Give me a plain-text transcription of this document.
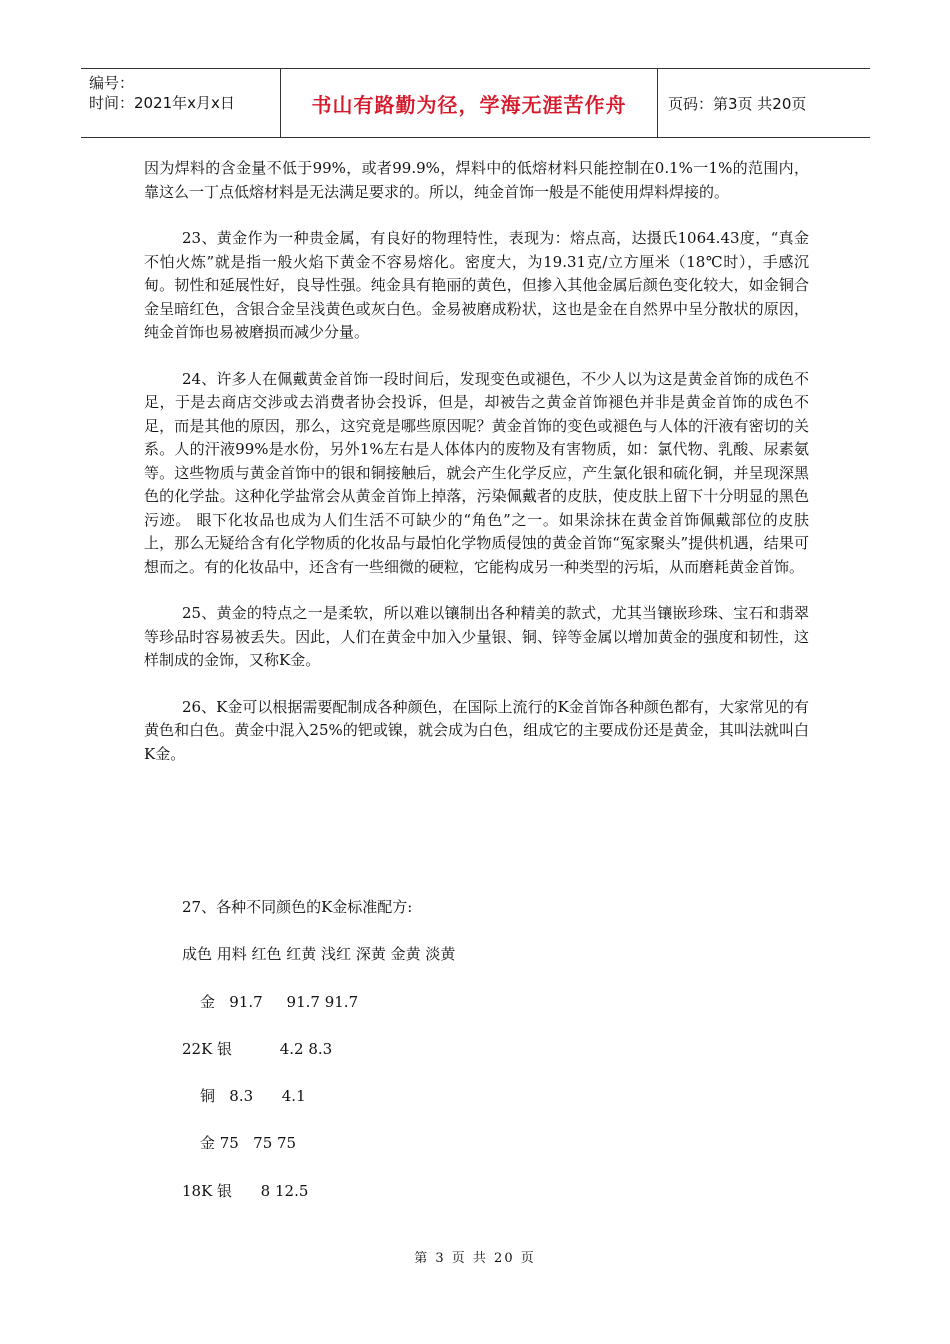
编号：
时间：2021年x月x日	书山有路勤为径，学海无涯苦作舟	页码：第3页 共20页

因为焊料的含金量不低于99%，或者99.9%，焊料中的低熔材料只能控制在0.1%一1%的范围内，靠这么一丁点低熔材料是无法满足要求的。所以，纯金首饰一般是不能使用焊料焊接的。

23、黄金作为一种贵金属，有良好的物理特性，表现为：熔点高，达摄氏1064.43度，“真金不怕火炼”就是指一般火焰下黄金不容易熔化。密度大，为19.31克/立方厘米（18℃时），手感沉甸。韧性和延展性好，良导性强。纯金具有艳丽的黄色，但掺入其他金属后颜色变化较大，如金铜合金呈暗红色，含银合金呈浅黄色或灰白色。金易被磨成粉状，这也是金在自然界中呈分散状的原因，纯金首饰也易被磨损而减少分量。

24、许多人在佩戴黄金首饰一段时间后，发现变色或褪色，不少人以为这是黄金首饰的成色不足，于是去商店交涉或去消费者协会投诉，但是，却被告之黄金首饰褪色并非是黄金首饰的成色不足，而是其他的原因，那么，这究竟是哪些原因呢？黄金首饰的变色或褪色与人体的汗液有密切的关系。人的汗液99%是水份，另外1%左右是人体体内的废物及有害物质，如：氯代物、乳酸、尿素氨等。这些物质与黄金首饰中的银和铜接触后，就会产生化学反应，产生氯化银和硫化铜，并呈现深黑色的化学盐。这种化学盐常会从黄金首饰上掉落，污染佩戴者的皮肤，使皮肤上留下十分明显的黑色污迹。 眼下化妆品也成为人们生活不可缺少的“角色”之一。如果涂抹在黄金首饰佩戴部位的皮肤上，那么无疑给含有化学物质的化妆品与最怕化学物质侵蚀的黄金首饰“冤家聚头”提供机遇，结果可想而之。有的化妆品中，还含有一些细微的硬粒，它能构成另一种类型的污垢，从而磨耗黄金首饰。

25、黄金的特点之一是柔软，所以难以镶制出各种精美的款式，尤其当镶嵌珍珠、宝石和翡翠等珍品时容易被丢失。因此，人们在黄金中加入少量银、铜、锌等金属以增加黄金的强度和韧性，这样制成的金饰，又称K金。

26、K金可以根据需要配制成各种颜色，在国际上流行的K金首饰各种颜色都有，大家常见的有黄色和白色。黄金中混入25%的钯或镍，就会成为白色，组成它的主要成份还是黄金，其叫法就叫白K金。

27、各种不同颜色的K金标准配方:
成色 用料 红色 红黄 浅红 深黄 金黄 淡黄
金   91.7     91.7 91.7
22K 银          4.2 8.3
铜   8.3      4.1
金 75   75 75
18K 银      8 12.5
第 3 页 共 20 页
